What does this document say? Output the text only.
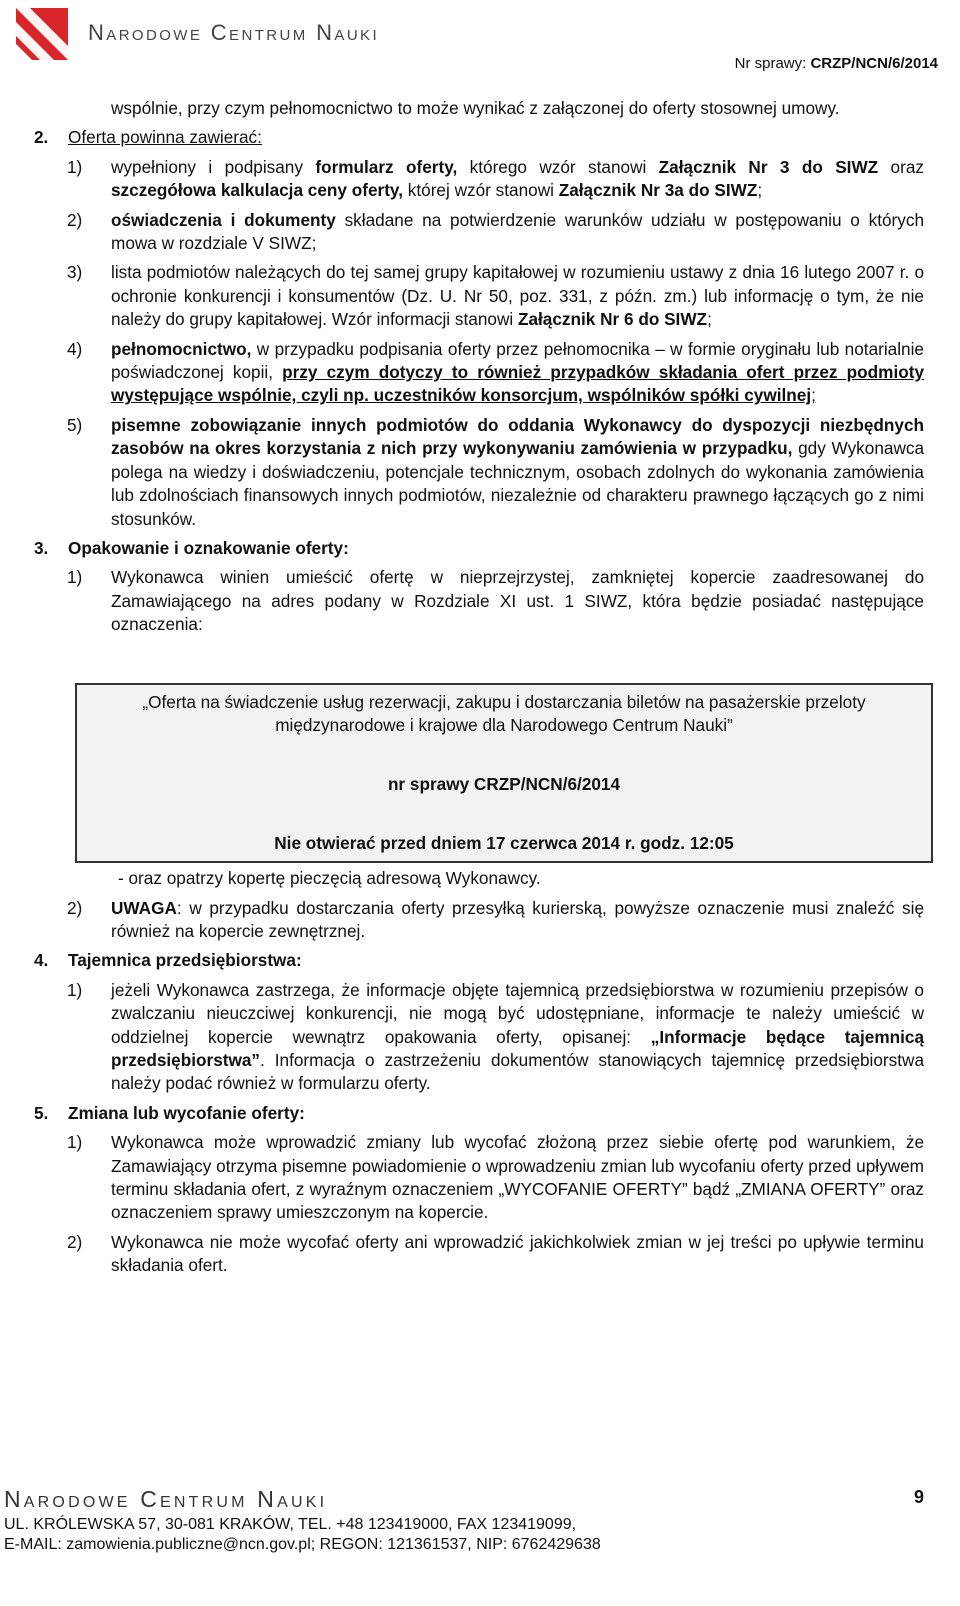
Narodowe Centrum Nauki
Nr sprawy: CRZP/NCN/6/2014

wspólnie, przy czym pełnomocnictwo to może wynikać z załączonej do oferty stosownej umowy.

2.	Oferta powinna zawierać:
1)	wypełniony i podpisany formularz oferty, którego wzór stanowi Załącznik Nr 3 do SIWZ oraz szczegółowa kalkulacja ceny oferty, której wzór stanowi Załącznik Nr 3a do SIWZ;
2)	oświadczenia i dokumenty składane na potwierdzenie warunków udziału w postępowaniu o których mowa w rozdziale V SIWZ;
3)	lista podmiotów należących do tej samej grupy kapitałowej w rozumieniu ustawy z dnia 16 lutego 2007 r. o ochronie konkurencji i konsumentów (Dz. U. Nr 50, poz. 331, z późn. zm.) lub informację o tym, że nie należy do grupy kapitałowej. Wzór informacji stanowi Załącznik Nr 6 do SIWZ;
4)	pełnomocnictwo, w przypadku podpisania oferty przez pełnomocnika – w formie oryginału lub notarialnie poświadczonej kopii, przy czym dotyczy to również przypadków składania ofert przez podmioty występujące wspólnie, czyli np. uczestników konsorcjum, wspólników spółki cywilnej;
5)	pisemne zobowiązanie innych podmiotów do oddania Wykonawcy do dyspozycji niezbędnych zasobów na okres korzystania z nich przy wykonywaniu zamówienia w przypadku, gdy Wykonawca polega na wiedzy i doświadczeniu, potencjale technicznym, osobach zdolnych do wykonania zamówienia lub zdolnościach finansowych innych podmiotów, niezależnie od charakteru prawnego łączących go z nimi stosunków.
3.	Opakowanie i oznakowanie oferty:
1)	Wykonawca winien umieścić ofertę w nieprzejrzystej, zamkniętej kopercie zaadresowanej do Zamawiającego na adres podany w Rozdziale XI ust. 1 SIWZ, która będzie posiadać następujące oznaczenia:
„Oferta na świadczenie usług rezerwacji, zakupu i dostarczania biletów na pasażerskie przeloty międzynarodowe i krajowe dla Narodowego Centrum Nauki”
nr sprawy CRZP/NCN/6/2014
Nie otwierać przed dniem 17 czerwca 2014 r. godz. 12:05
- oraz opatrzy kopertę pieczęcią adresową Wykonawcy.
2)	UWAGA: w przypadku dostarczania oferty przesyłką kurierską, powyższe oznaczenie musi znaleźć się również na kopercie zewnętrznej.
4.	Tajemnica przedsiębiorstwa:
1)	jeżeli Wykonawca zastrzega, że informacje objęte tajemnicą przedsiębiorstwa w rozumieniu przepisów o zwalczaniu nieuczciwej konkurencji, nie mogą być udostępniane, informacje te należy umieścić w oddzielnej kopercie wewnątrz opakowania oferty, opisanej: „Informacje będące tajemnicą przedsiębiorstwa”. Informacja o zastrzeżeniu dokumentów stanowiących tajemnicę przedsiębiorstwa należy podać również w formularzu oferty.
5.	Zmiana lub wycofanie oferty:
1)	Wykonawca może wprowadzić zmiany lub wycofać złożoną przez siebie ofertę pod warunkiem, że Zamawiający otrzyma pisemne powiadomienie o wprowadzeniu zmian lub wycofaniu oferty przed upływem terminu składania ofert, z wyraźnym oznaczeniem „WYCOFANIE OFERTY” bądź „ZMIANA OFERTY” oraz oznaczeniem sprawy umieszczonym na kopercie.
2)	Wykonawca nie może wycofać oferty ani wprowadzić jakichkolwiek zmian w jej treści po upływie terminu składania ofert.
Narodowe Centrum Nauki
UL. KRÓLEWSKA 57, 30-081 KRAKÓW, TEL. +48 123419000, FAX 123419099,
E-MAIL: zamowienia.publiczne@ncn.gov.pl; REGON: 121361537, NIP: 6762429638
9
